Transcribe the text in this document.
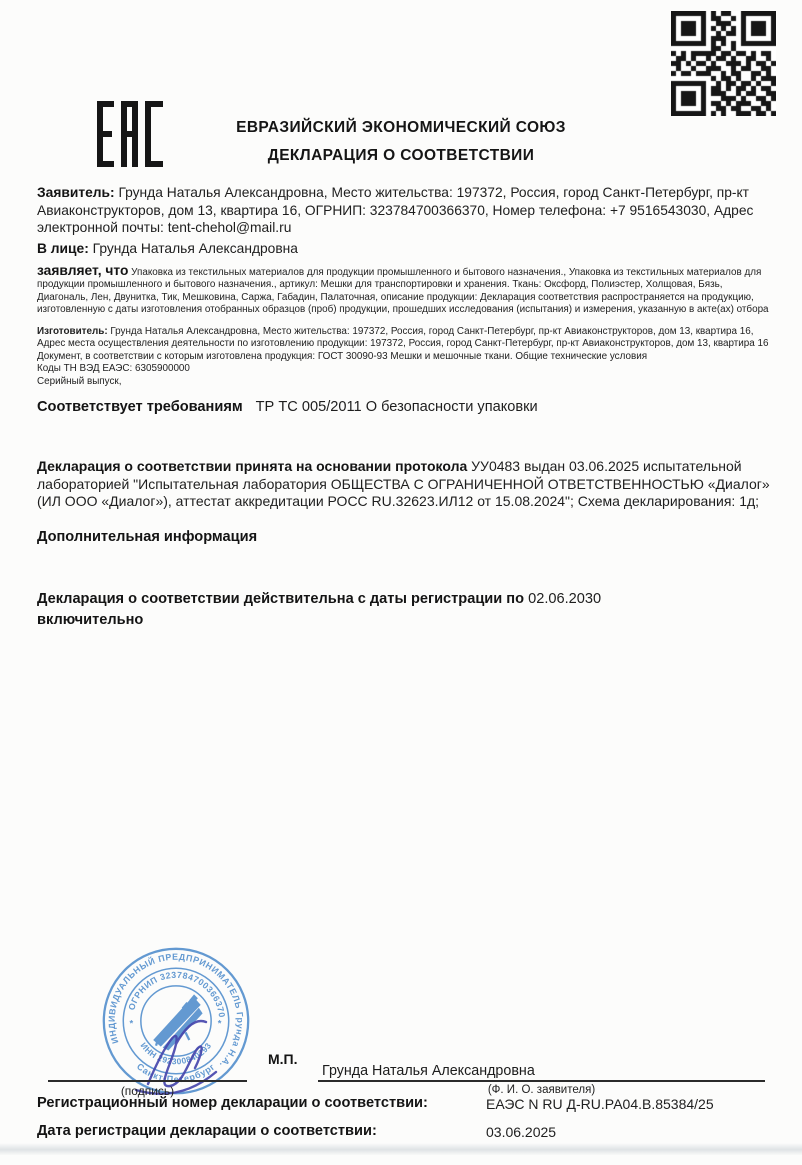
ЕВРАЗИЙСКИЙ ЭКОНОМИЧЕСКИЙ СОЮЗ
ДЕКЛАРАЦИЯ О СООТВЕТСТВИИ
Заявитель: Грунда Наталья Александровна, Место жительства: 197372, Россия, город Санкт-Петербург, пр-кт Авиаконструкторов, дом 13, квартира 16, ОГРНИП: 323784700366370, Номер телефона: +7 9516543030, Адрес электронной почты: tent-chehol@mail.ru
В лице: Грунда Наталья Александровна
заявляет, что Упаковка из текстильных материалов для продукции промышленного и бытового назначения., Упаковка из текстильных материалов для продукции промышленного и бытового назначения., артикул: Мешки для транспортировки и хранения. Ткань: Оксфорд, Полиэстер, Холщовая, Бязь, Диагональ, Лен, Двунитка, Тик, Мешковина, Саржа, Габадин, Палаточная, описание продукции: Декларация соответствия распространяется на продукцию, изготовленную с даты изготовления отобранных образцов (проб) продукции, прошедших исследования (испытания) и измерения, указанную в акте(ах) отбора
Изготовитель: Грунда Наталья Александровна, Место жительства: 197372, Россия, город Санкт-Петербург, пр-кт Авиаконструкторов, дом 13, квартира 16, Адрес места осуществления деятельности по изготовлению продукции: 197372, Россия, город Санкт-Петербург, пр-кт Авиаконструкторов, дом 13, квартира 16
Документ, в соответствии с которым изготовлена продукция: ГОСТ 30090-93 Мешки и мешочные ткани. Общие технические условия
Коды ТН ВЭД ЕАЭС: 6305900000
Серийный выпуск,
Соответствует требованиям ТР ТС 005/2011 О безопасности упаковки
Декларация о соответствии принята на основании протокола УУ0483 выдан 03.06.2025 испытательной лабораторией "Испытательная лаборатория ОБЩЕСТВА С ОГРАНИЧЕННОЙ ОТВЕТСТВЕННОСТЬЮ «Диалог» (ИЛ ООО «Диалог»), аттестат аккредитации РОСС RU.32623.ИЛ12 от 15.08.2024"; Схема декларирования: 1д;
Дополнительная информация
Декларация о соответствии действительна с даты регистрации по 02.06.2030
включительно
ИНДИВИДУАЛЬНЫЙ ПРЕДПРИНИМАТЕЛЬ Грунда Н.А.
Санкт-Петербург
ОГРНИП 323784700366370
ИНН 292300840293
*	*
М.П.
(подпись)
Грунда Наталья Александровна
(Ф. И. О. заявителя)
Регистрационный номер декларации о соответствии:	ЕАЭС N RU Д-RU.РА04.В.85384/25
Дата регистрации декларации о соответствии:	03.06.2025
